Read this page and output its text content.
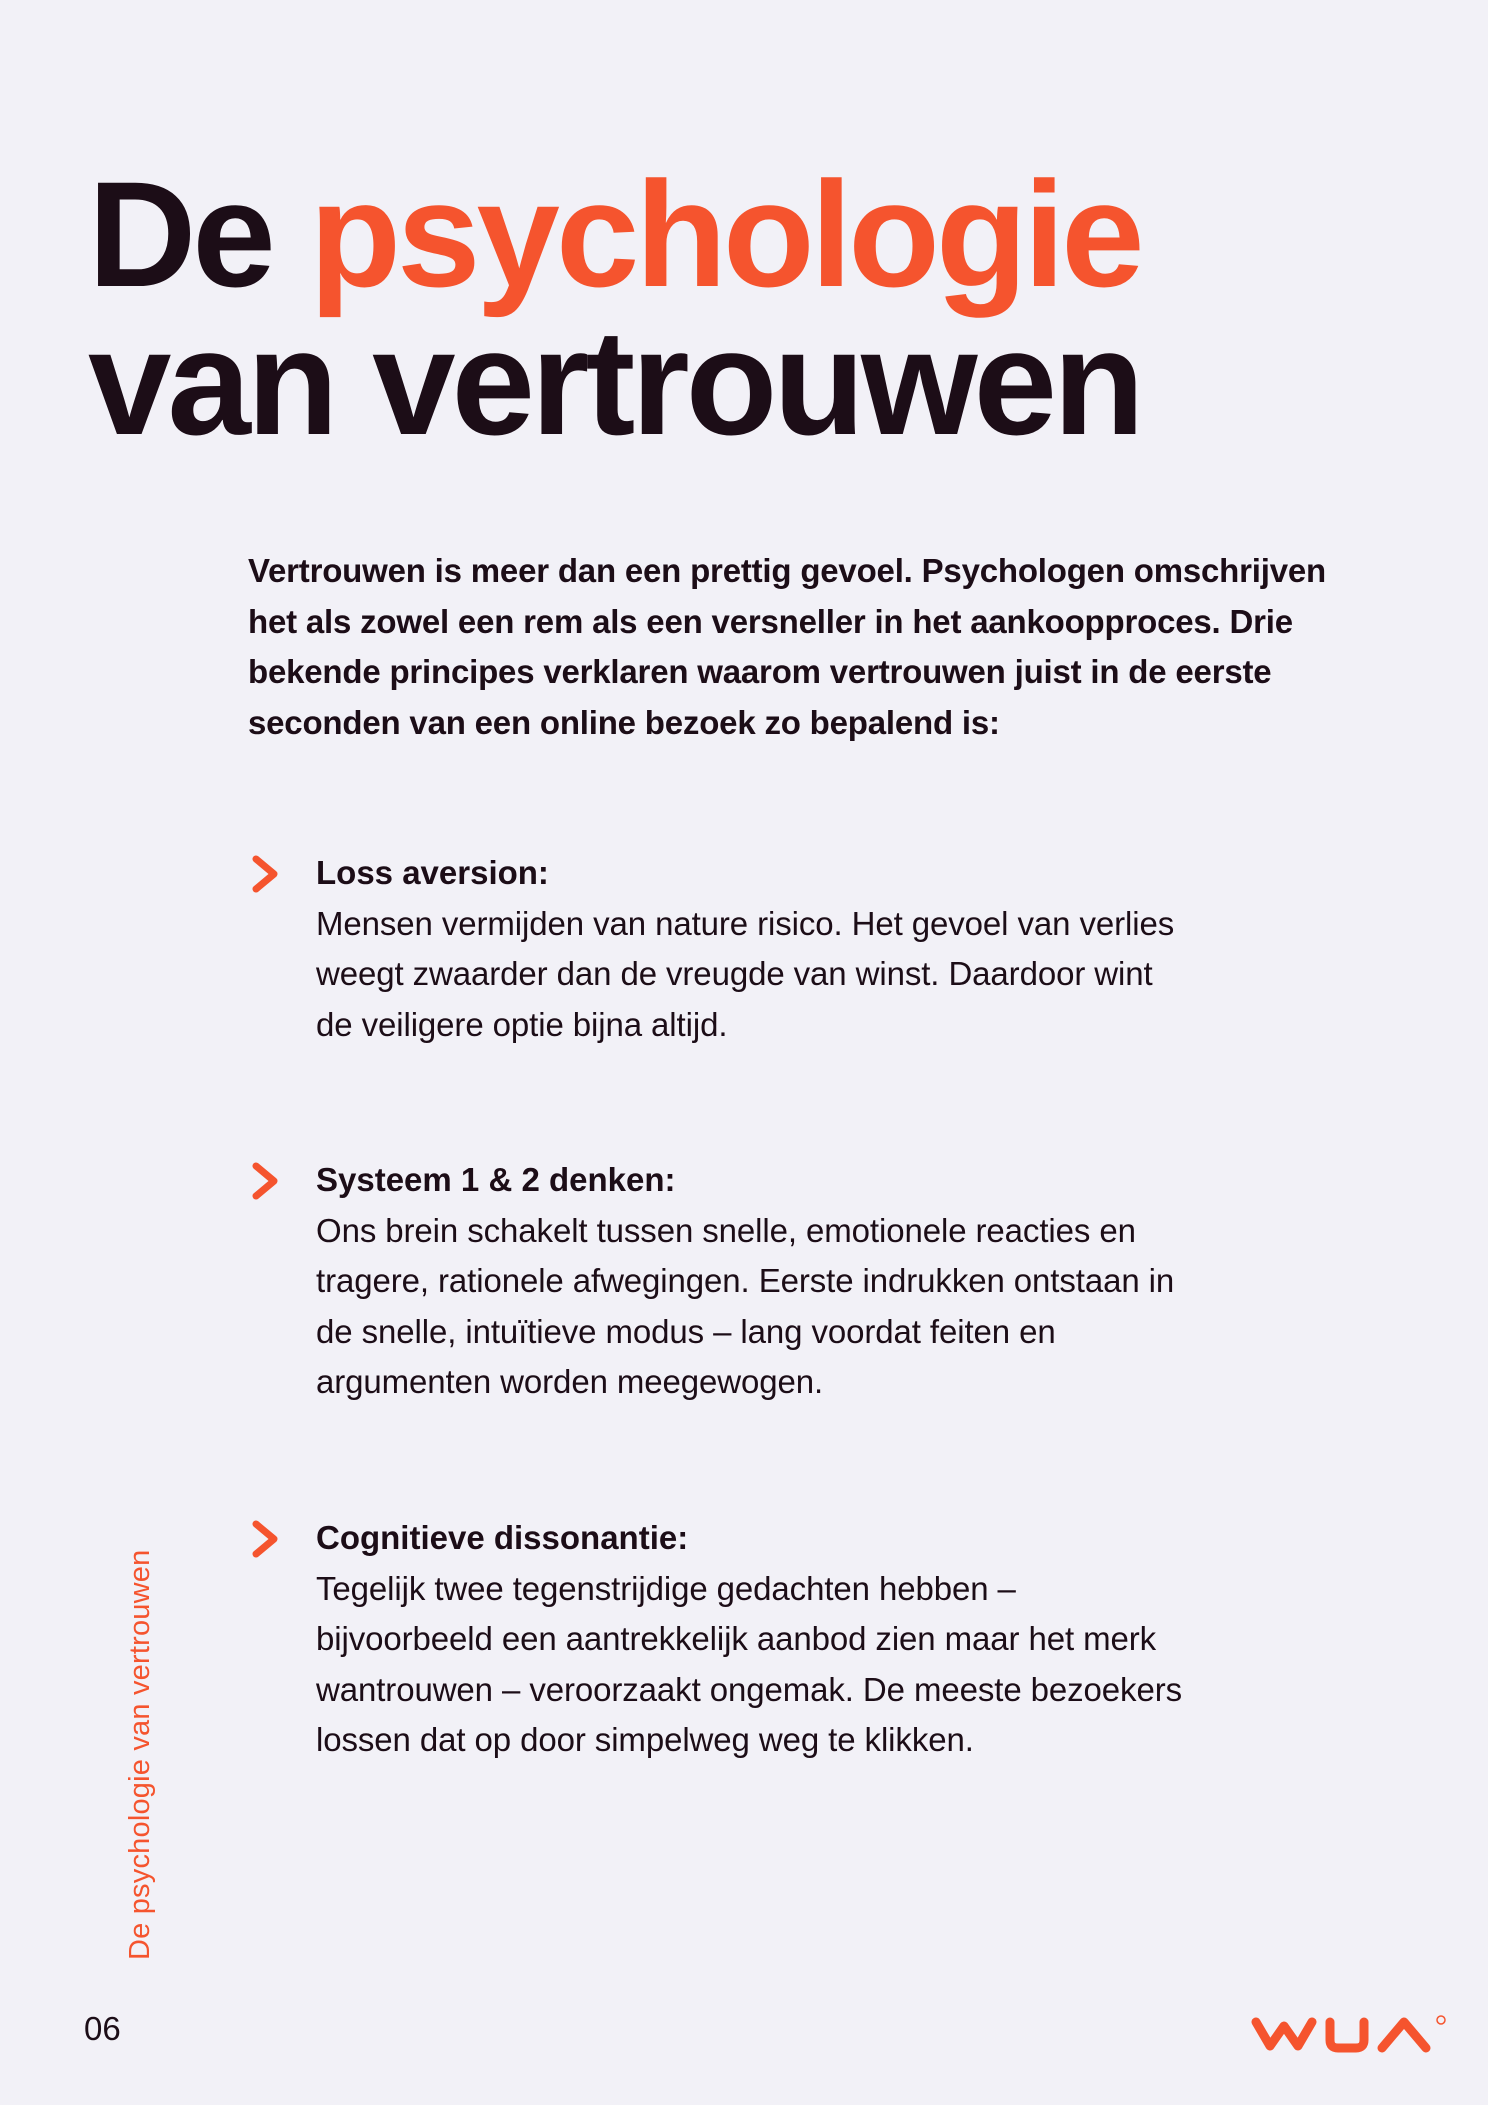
De psychologie
van vertrouwen

Vertrouwen is meer dan een prettig gevoel. Psychologen omschrijven het als zowel een rem als een versneller in het aankoopproces. Drie bekende principes verklaren waarom vertrouwen juist in de eerste seconden van een online bezoek zo bepalend is:

Loss aversion:

Mensen vermijden van nature risico. Het gevoel van verlies weegt zwaarder dan de vreugde van winst. Daardoor wint de veiligere optie bijna altijd.

Systeem 1 & 2 denken:

Ons brein schakelt tussen snelle, emotionele reacties en tragere, rationele afwegingen. Eerste indrukken ontstaan in de snelle, intuïtieve modus – lang voordat feiten en argumenten worden meegewogen.

Cognitieve dissonantie:

Tegelijk twee tegenstrijdige gedachten hebben – bijvoorbeeld een aantrekkelijk aanbod zien maar het merk wantrouwen – veroorzaakt ongemak. De meeste bezoekers lossen dat op door simpelweg weg te klikken.

De psychologie van vertrouwen
06
